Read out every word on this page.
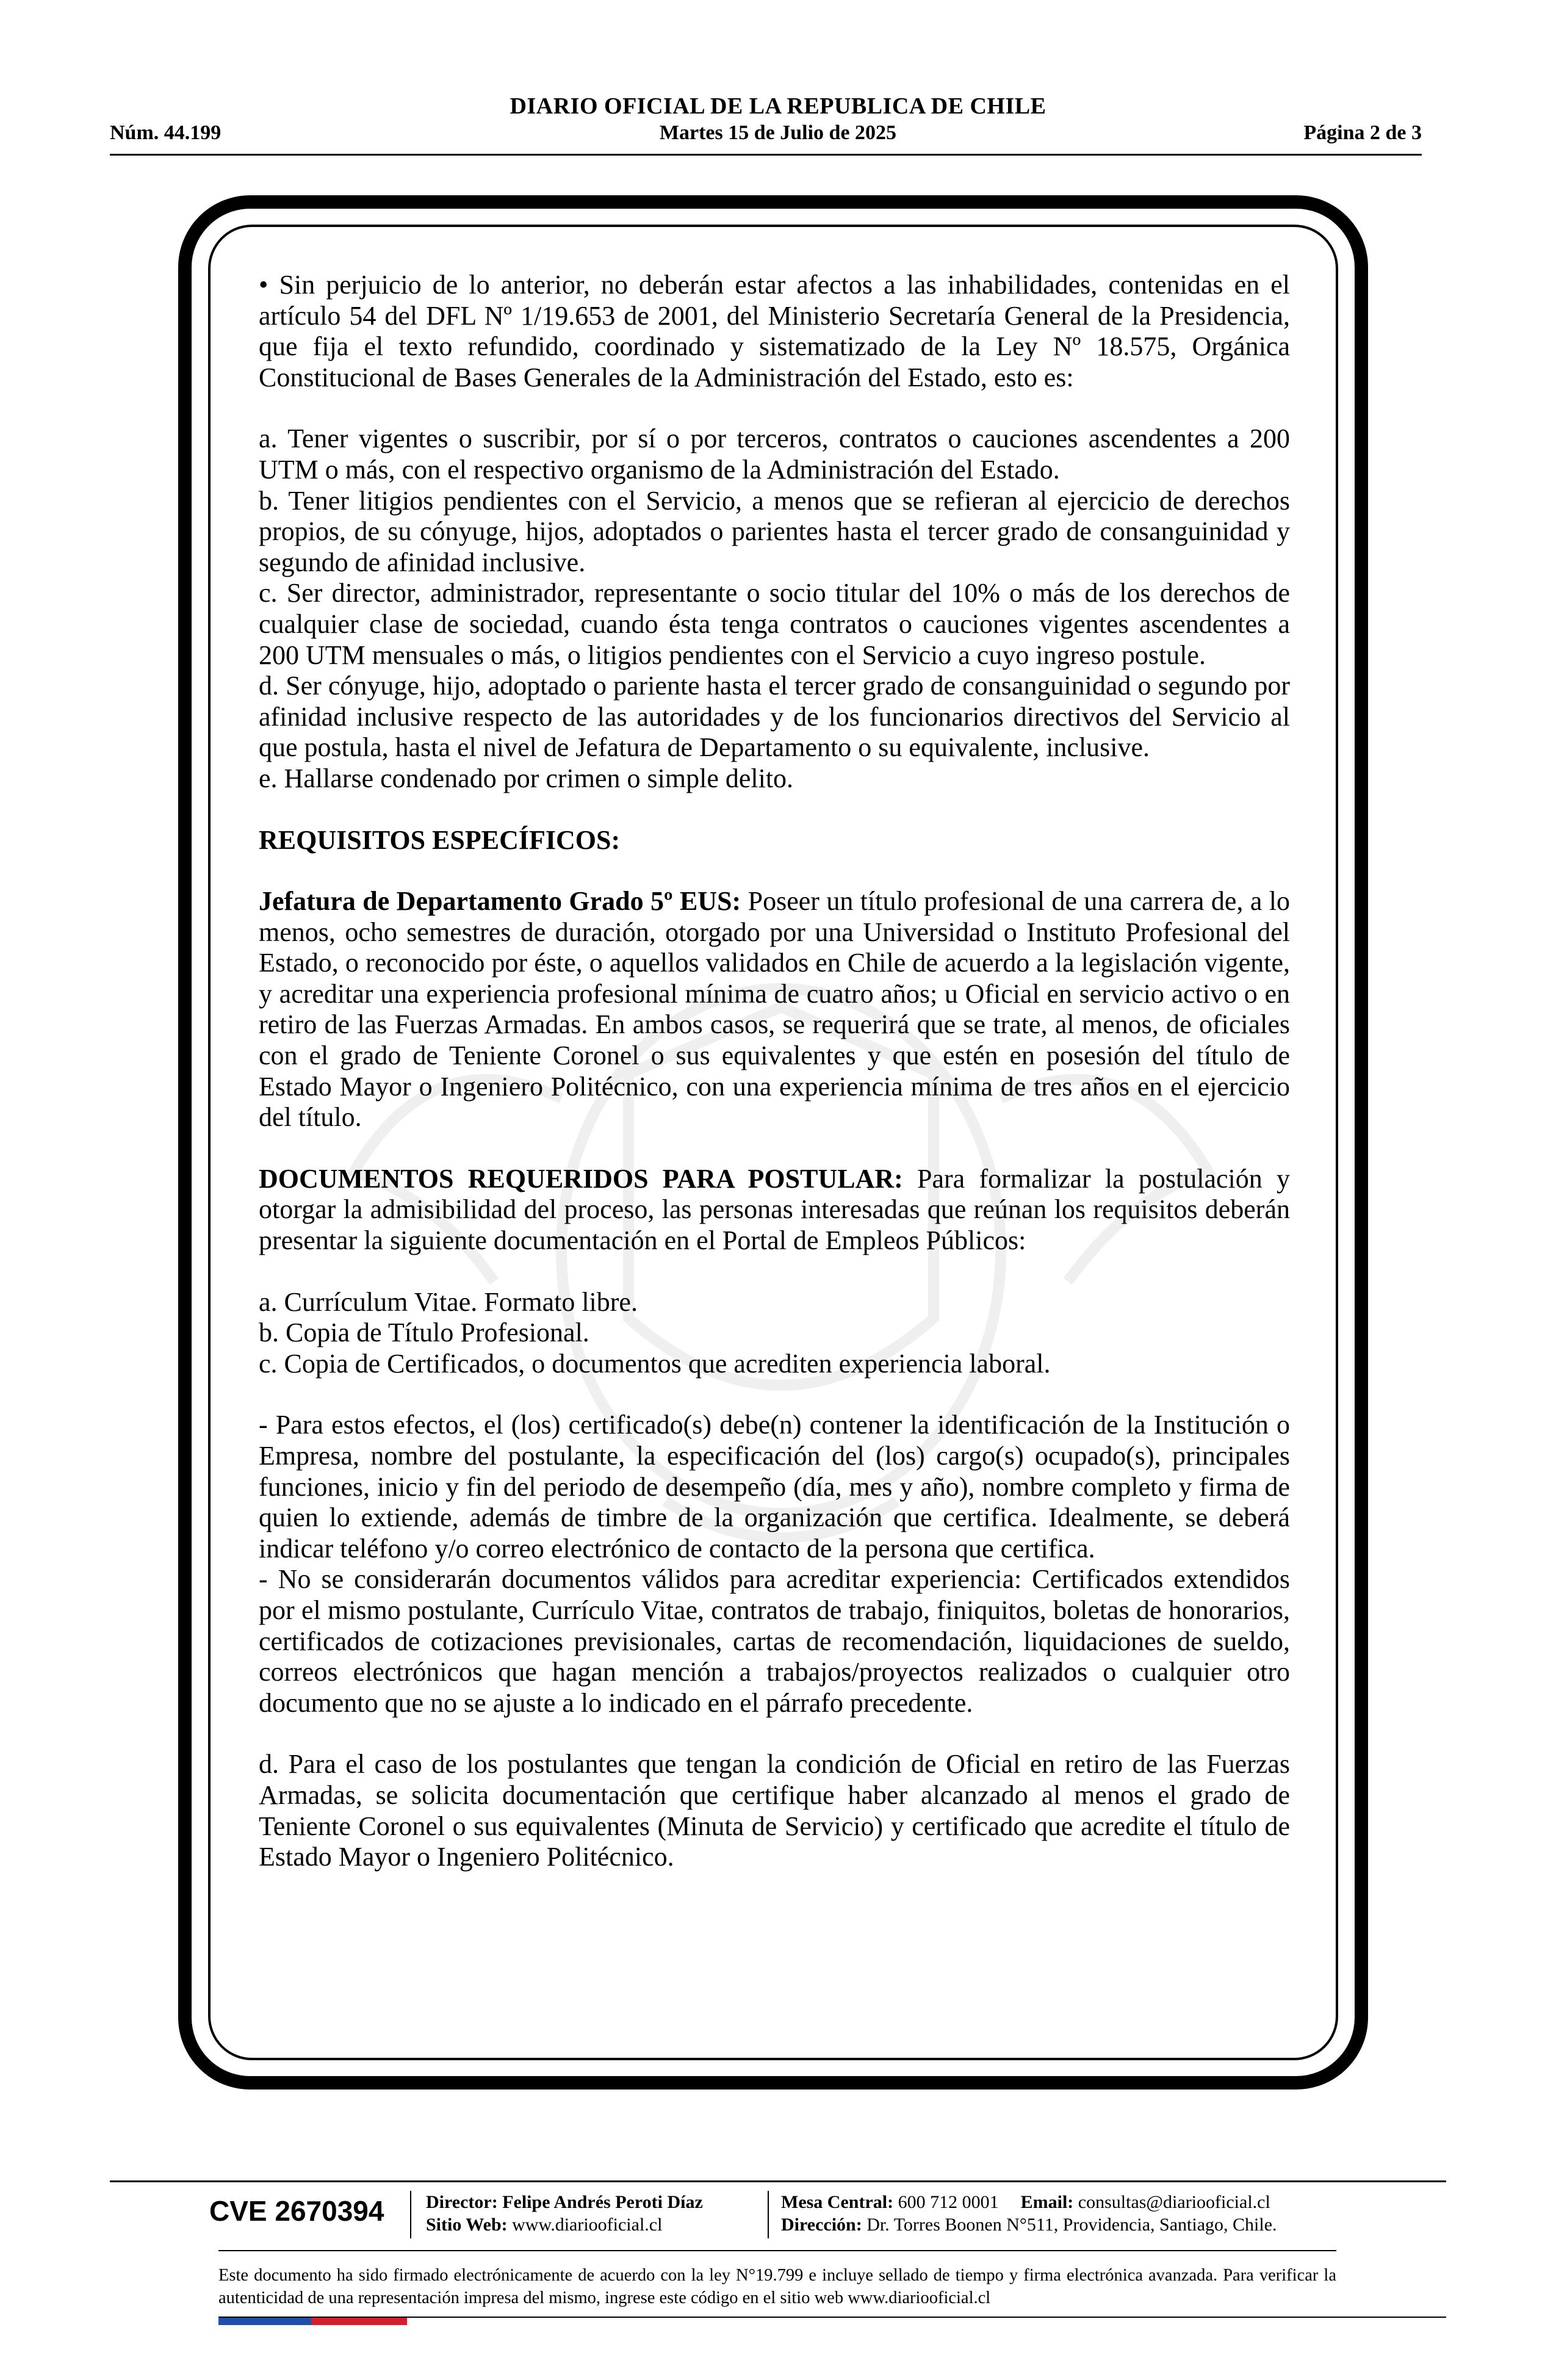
DIARIO OFICIAL DE LA REPUBLICA DE CHILE
Núm. 44.199	Martes 15 de Julio de 2025	Página 2 de 3

• Sin perjuicio de lo anterior, no deberán estar afectos a las inhabilidades, contenidas en el artículo 54 del DFL Nº 1/19.653 de 2001, del Ministerio Secretaría General de la Presidencia, que fija el texto refundido, coordinado y sistematizado de la Ley Nº 18.575, Orgánica Constitucional de Bases Generales de la Administración del Estado, esto es:

a. Tener vigentes o suscribir, por sí o por terceros, contratos o cauciones ascendentes a 200 UTM o más, con el respectivo organismo de la Administración del Estado.

b. Tener litigios pendientes con el Servicio, a menos que se refieran al ejercicio de derechos propios, de su cónyuge, hijos, adoptados o parientes hasta el tercer grado de consanguinidad y segundo de afinidad inclusive.

c. Ser director, administrador, representante o socio titular del 10% o más de los derechos de cualquier clase de sociedad, cuando ésta tenga contratos o cauciones vigentes ascendentes a 200 UTM mensuales o más, o litigios pendientes con el Servicio a cuyo ingreso postule.

d. Ser cónyuge, hijo, adoptado o pariente hasta el tercer grado de consanguinidad o segundo por afinidad inclusive respecto de las autoridades y de los funcionarios directivos del Servicio al que postula, hasta el nivel de Jefatura de Departamento o su equivalente, inclusive.

e. Hallarse condenado por crimen o simple delito.

REQUISITOS ESPECÍFICOS:

Jefatura de Departamento Grado 5º EUS: Poseer un título profesional de una carrera de, a lo menos, ocho semestres de duración, otorgado por una Universidad o Instituto Profesional del Estado, o reconocido por éste, o aquellos validados en Chile de acuerdo a la legislación vigente, y acreditar una experiencia profesional mínima de cuatro años; u Oficial en servicio activo o en retiro de las Fuerzas Armadas. En ambos casos, se requerirá que se trate, al menos, de oficiales con el grado de Teniente Coronel o sus equivalentes y que estén en posesión del título de Estado Mayor o Ingeniero Politécnico, con una experiencia mínima de tres años en el ejercicio del título.

DOCUMENTOS REQUERIDOS PARA POSTULAR: Para formalizar la postulación y otorgar la admisibilidad del proceso, las personas interesadas que reúnan los requisitos deberán presentar la siguiente documentación en el Portal de Empleos Públicos:

a. Currículum Vitae. Formato libre.

b. Copia de Título Profesional.

c. Copia de Certificados, o documentos que acrediten experiencia laboral.

- Para estos efectos, el (los) certificado(s) debe(n) contener la identificación de la Institución o Empresa, nombre del postulante, la especificación del (los) cargo(s) ocupado(s), principales funciones, inicio y fin del periodo de desempeño (día, mes y año), nombre completo y firma de quien lo extiende, además de timbre de la organización que certifica. Idealmente, se deberá indicar teléfono y/o correo electrónico de contacto de la persona que certifica.

- No se considerarán documentos válidos para acreditar experiencia: Certificados extendidos por el mismo postulante, Currículo Vitae, contratos de trabajo, finiquitos, boletas de honorarios, certificados de cotizaciones previsionales, cartas de recomendación, liquidaciones de sueldo, correos electrónicos que hagan mención a trabajos/proyectos realizados o cualquier otro documento que no se ajuste a lo indicado en el párrafo precedente.

d. Para el caso de los postulantes que tengan la condición de Oficial en retiro de las Fuerzas Armadas, se solicita documentación que certifique haber alcanzado al menos el grado de Teniente Coronel o sus equivalentes (Minuta de Servicio) y certificado que acredite el título de Estado Mayor o Ingeniero Politécnico.

CVE 2670394 Director: Felipe Andrés Peroti Díaz
Sitio Web: www.diariooficial.cl
Mesa Central: 600 712 0001 Email: consultas@diariooficial.cl
Dirección: Dr. Torres Boonen N°511, Providencia, Santiago, Chile.

Este documento ha sido firmado electrónicamente de acuerdo con la ley N°19.799 e incluye sellado de tiempo y firma electrónica avanzada. Para verificar la autenticidad de una representación impresa del mismo, ingrese este código en el sitio web www.diariooficial.cl
